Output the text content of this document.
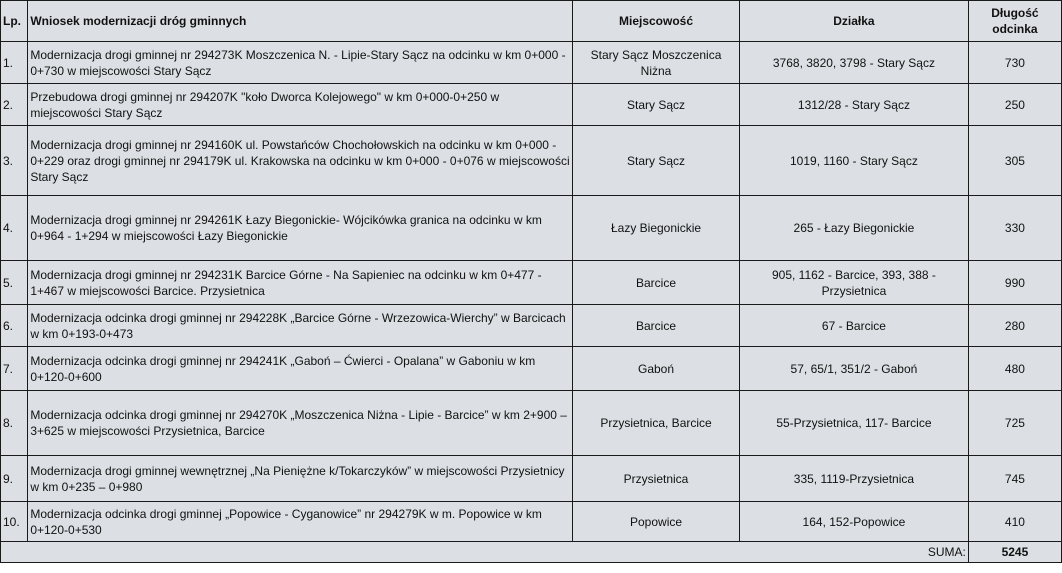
Lp.	Wniosek modernizacji dróg gminnych	Miejscowość	Działka	Długość odcinka
1.	Modernizacja drogi gminnej nr 294273K Moszczenica N. - Lipie-Stary Sącz na odcinku w km 0+000 - 0+730 w miejscowości Stary Sącz	Stary Sącz Moszczenica Niżna	3768, 3820, 3798 - Stary Sącz	730
2.	Przebudowa drogi gminnej nr 294207K "koło Dworca Kolejowego" w km 0+000-0+250 w miejscowości Stary Sącz	Stary Sącz	1312/28 - Stary Sącz	250
3.	Modernizacja drogi gminnej nr 294160K ul. Powstańców Chochołowskich na odcinku w km 0+000 - 0+229 oraz drogi gminnej nr 294179K ul. Krakowska na odcinku w km 0+000 - 0+076 w miejscowości Stary Sącz	Stary Sącz	1019, 1160 - Stary Sącz	305
4.	Modernizacja drogi gminnej nr 294261K Łazy Biegonickie- Wójcikówka granica na odcinku w km 0+964 - 1+294 w miejscowości Łazy Biegonickie	Łazy Biegonickie	265 - Łazy Biegonickie	330
5.	Modernizacja drogi gminnej nr 294231K Barcice Górne - Na Sapieniec na odcinku w km 0+477 - 1+467 w miejscowości Barcice. Przysietnica	Barcice	905, 1162 - Barcice, 393, 388 - Przysietnica	990
6.	Modernizacja odcinka drogi gminnej nr 294228K „Barcice Górne - Wrzezowica-Wierchy” w Barcicach w km 0+193-0+473	Barcice	67 - Barcice	280
7.	Modernizacja odcinka drogi gminnej nr 294241K „Gaboń – Ćwierci - Opalana” w Gaboniu w km 0+120-0+600	Gaboń	57, 65/1, 351/2 - Gaboń	480
8.	Modernizacja odcinka drogi gminnej nr 294270K „Moszczenica Niżna - Lipie - Barcice” w km 2+900 – 3+625 w miejscowości Przysietnica, Barcice	Przysietnica, Barcice	55-Przysietnica, 117- Barcice	725
9.	Modernizacja drogi gminnej wewnętrznej „Na Pieniężne k/Tokarczyków” w miejscowości Przysietnicy w km 0+235 – 0+980	Przysietnica	335, 1119-Przysietnica	745
10.	Modernizacja odcinka drogi gminnej „Popowice - Cyganowice” nr 294279K w m. Popowice w km 0+120-0+530	Popowice	164, 152-Popowice	410
SUMA:				5245
